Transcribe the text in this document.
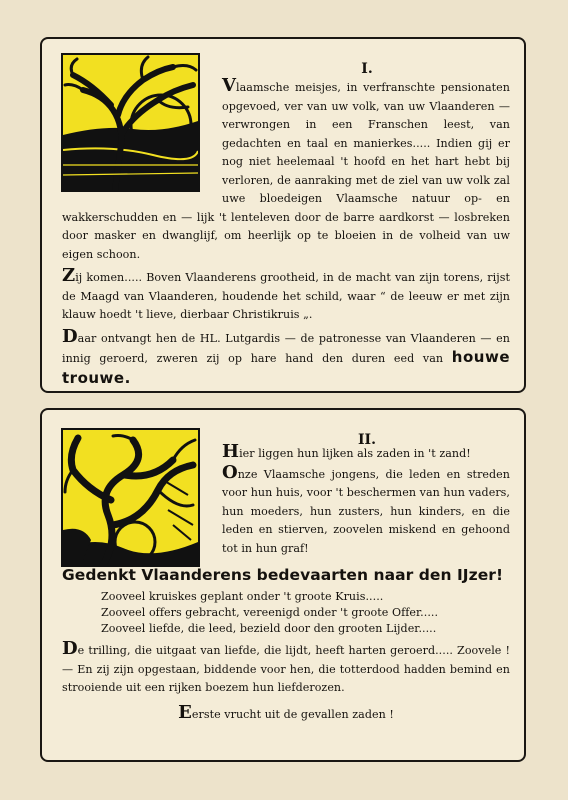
I.

Vlaamsche meisjes, in verfranschte pensionaten opgevoed, ver van uw volk, van uw Vlaanderen — verwrongen in een Franschen leest, van gedachten en taal en manierkes..... Indien gij er nog niet heelemaal 't hoofd en het hart hebt bij verloren, de aanraking met de ziel van uw volk zal uwe bloedeigen Vlaamsche natuur op- en wakkerschudden en — lijk 't lenteleven door de barre aardkorst — losbreken door masker en dwanglijf, om heerlijk op te bloeien in de volheid van uw eigen schoon.

Zij komen..... Boven Vlaanderens grootheid, in de macht van zijn torens, rijst de Maagd van Vlaanderen, houdende het schild, waar “ de leeuw er met zijn klauw hoedt 't lieve, dierbaar Christikruis „.

Daar ontvangt hen de HL. Lutgardis — de patronesse van Vlaanderen — en innig geroerd, zweren zij op hare hand den duren eed van houwe trouwe.

II.

Hier liggen hun lijken als zaden in 't zand!

Onze Vlaamsche jongens, die leden en streden voor hun huis, voor 't beschermen van hun vaders, hun moeders, hun zusters, hun kinders, en die leden en stierven, zoovelen miskend en gehoond tot in hun graf!

Gedenkt Vlaanderens bedevaarten naar den IJzer!

Zooveel kruiskes geplant onder 't groote Kruis.....

Zooveel offers gebracht, vereenigd onder 't groote Offer.....

Zooveel liefde, die leed, bezield door den grooten Lijder.....

De trilling, die uitgaat van liefde, die lijdt, heeft harten geroerd..... Zoovele ! — En zij zijn opgestaan, biddende voor hen, die totterdood hadden bemind en strooiende uit een rijken boezem hun liefderozen.

Eerste vrucht uit de gevallen zaden !
